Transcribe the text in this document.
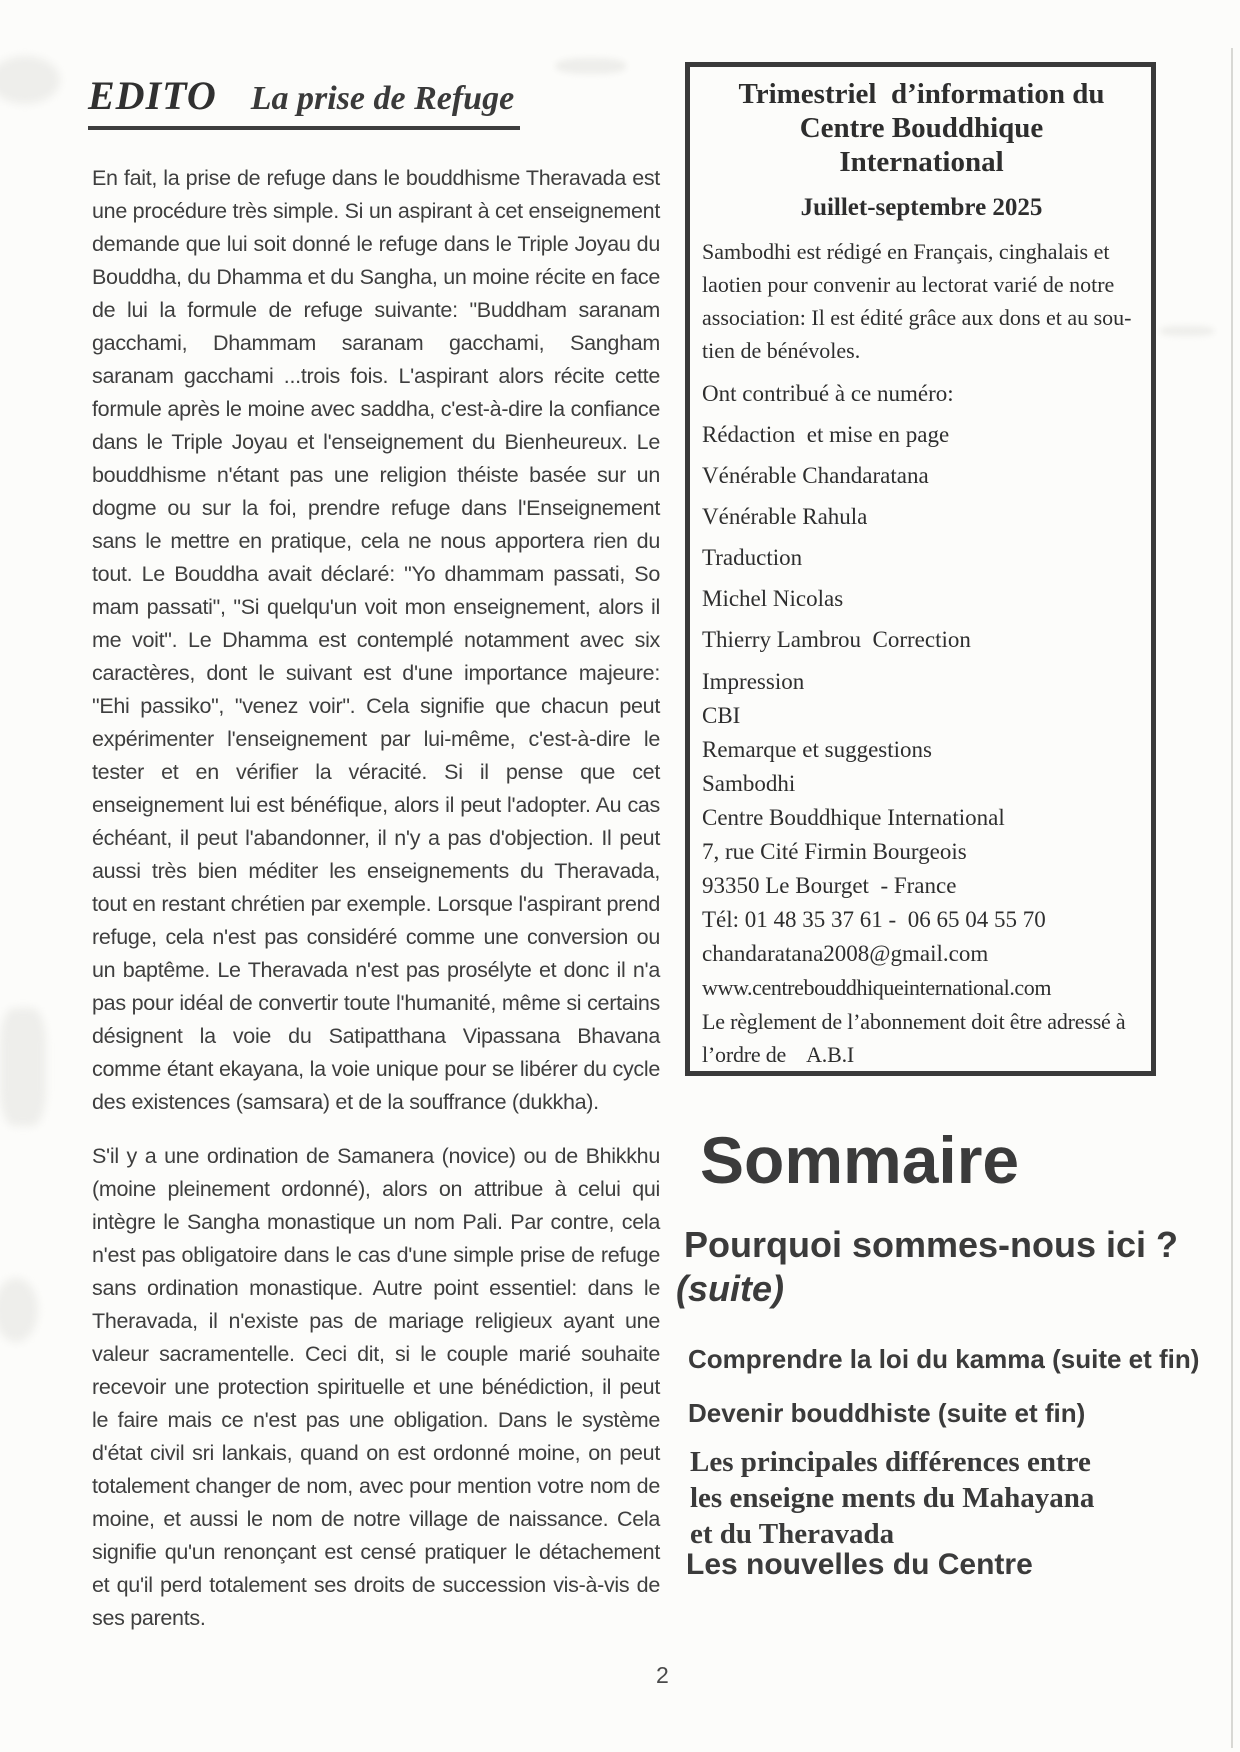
EDITO La prise de Refuge

En fait, la prise de refuge dans le bouddhisme Theravada est une procédure très simple. Si un aspirant à cet enseignement demande que lui soit donné le refuge dans le Triple Joyau du Bouddha, du Dhamma et du Sangha, un moine récite en face de lui la formule de refuge suivante: "Buddham saranam gacchami, Dhammam saranam gacchami, Sangham saranam gacchami ...trois fois. L'aspirant alors récite cette formule après le moine avec saddha, c'est-à-dire la confiance dans le Triple Joyau et l'enseignement du Bienheureux. Le bouddhisme n'étant pas une religion théiste basée sur un dogme ou sur la foi, prendre refuge dans l'Enseignement sans le mettre en pratique, cela ne nous apportera rien du tout. Le Bouddha avait déclaré: "Yo dhammam passati, So mam passati", "Si quelqu'un voit mon enseignement, alors il me voit". Le Dhamma est contemplé notamment avec six caractères, dont le suivant est d'une importance majeure: "Ehi passiko", "venez voir". Cela signifie que chacun peut expérimenter l'enseignement par lui-même, c'est-à-dire le tester et en vérifier la véracité. Si il pense que cet enseignement lui est bénéfique, alors il peut l'adopter. Au cas échéant, il peut l'abandonner, il n'y a pas d'objection. Il peut aussi très bien méditer les enseignements du Theravada, tout en restant chrétien par exemple. Lorsque l'aspirant prend refuge, cela n'est pas considéré comme une conversion ou un baptême. Le Theravada n'est pas prosélyte et donc il n'a pas pour idéal de convertir toute l'humanité, même si certains désignent la voie du Satipatthana Vipassana Bhavana comme étant ekayana, la voie unique pour se libérer du cycle des existences (samsara) et de la souffrance (dukkha).

S'il y a une ordination de Samanera (novice) ou de Bhikkhu (moine pleinement ordonné), alors on attribue à celui qui intègre le Sangha monastique un nom Pali. Par contre, cela n'est pas obligatoire dans le cas d'une simple prise de refuge sans ordination monastique. Autre point essentiel: dans le Theravada, il n'existe pas de mariage religieux ayant une valeur sacramentelle. Ceci dit, si le couple marié souhaite recevoir une protection spirituelle et une bénédiction, il peut le faire mais ce n'est pas une obligation. Dans le système d'état civil sri lankais, quand on est ordonné moine, on peut totalement changer de nom, avec pour mention votre nom de moine, et aussi le nom de notre village de naissance. Cela signifie qu'un renonçant est censé pratiquer le détachement et qu'il perd totalement ses droits de succession vis-à-vis de ses parents.

Trimestriel  d’information du
Centre Bouddhique
International
Juillet-septembre 2025
Sambodhi est rédigé en Français, cinghalais et
laotien pour convenir au lectorat varié de notre
association: Il est édité grâce aux dons et au sou-
tien de bénévoles.
Ont contribué à ce numéro:
Rédaction  et mise en page
Vénérable Chandaratana
Vénérable Rahula
Traduction
Michel Nicolas
Thierry Lambrou  Correction
Impression
CBI
Remarque et suggestions
Sambodhi
Centre Bouddhique International
7, rue Cité Firmin Bourgeois
93350 Le Bourget  - France
Tél: 01 48 35 37 61 -  06 65 04 55 70
chandaratana2008@gmail.com
www.centrebouddhiqueinternational.com
Le règlement de l’abonnement doit être adressé à
l’ordre de    A.B.I
Sommaire
Pourquoi sommes-nous ici ?
(suite)
Comprendre la loi du kamma (suite et fin)
Devenir bouddhiste (suite et fin)
Les principales différences entre
les enseigne ments du Mahayana
et du Theravada
Les nouvelles du Centre
2
